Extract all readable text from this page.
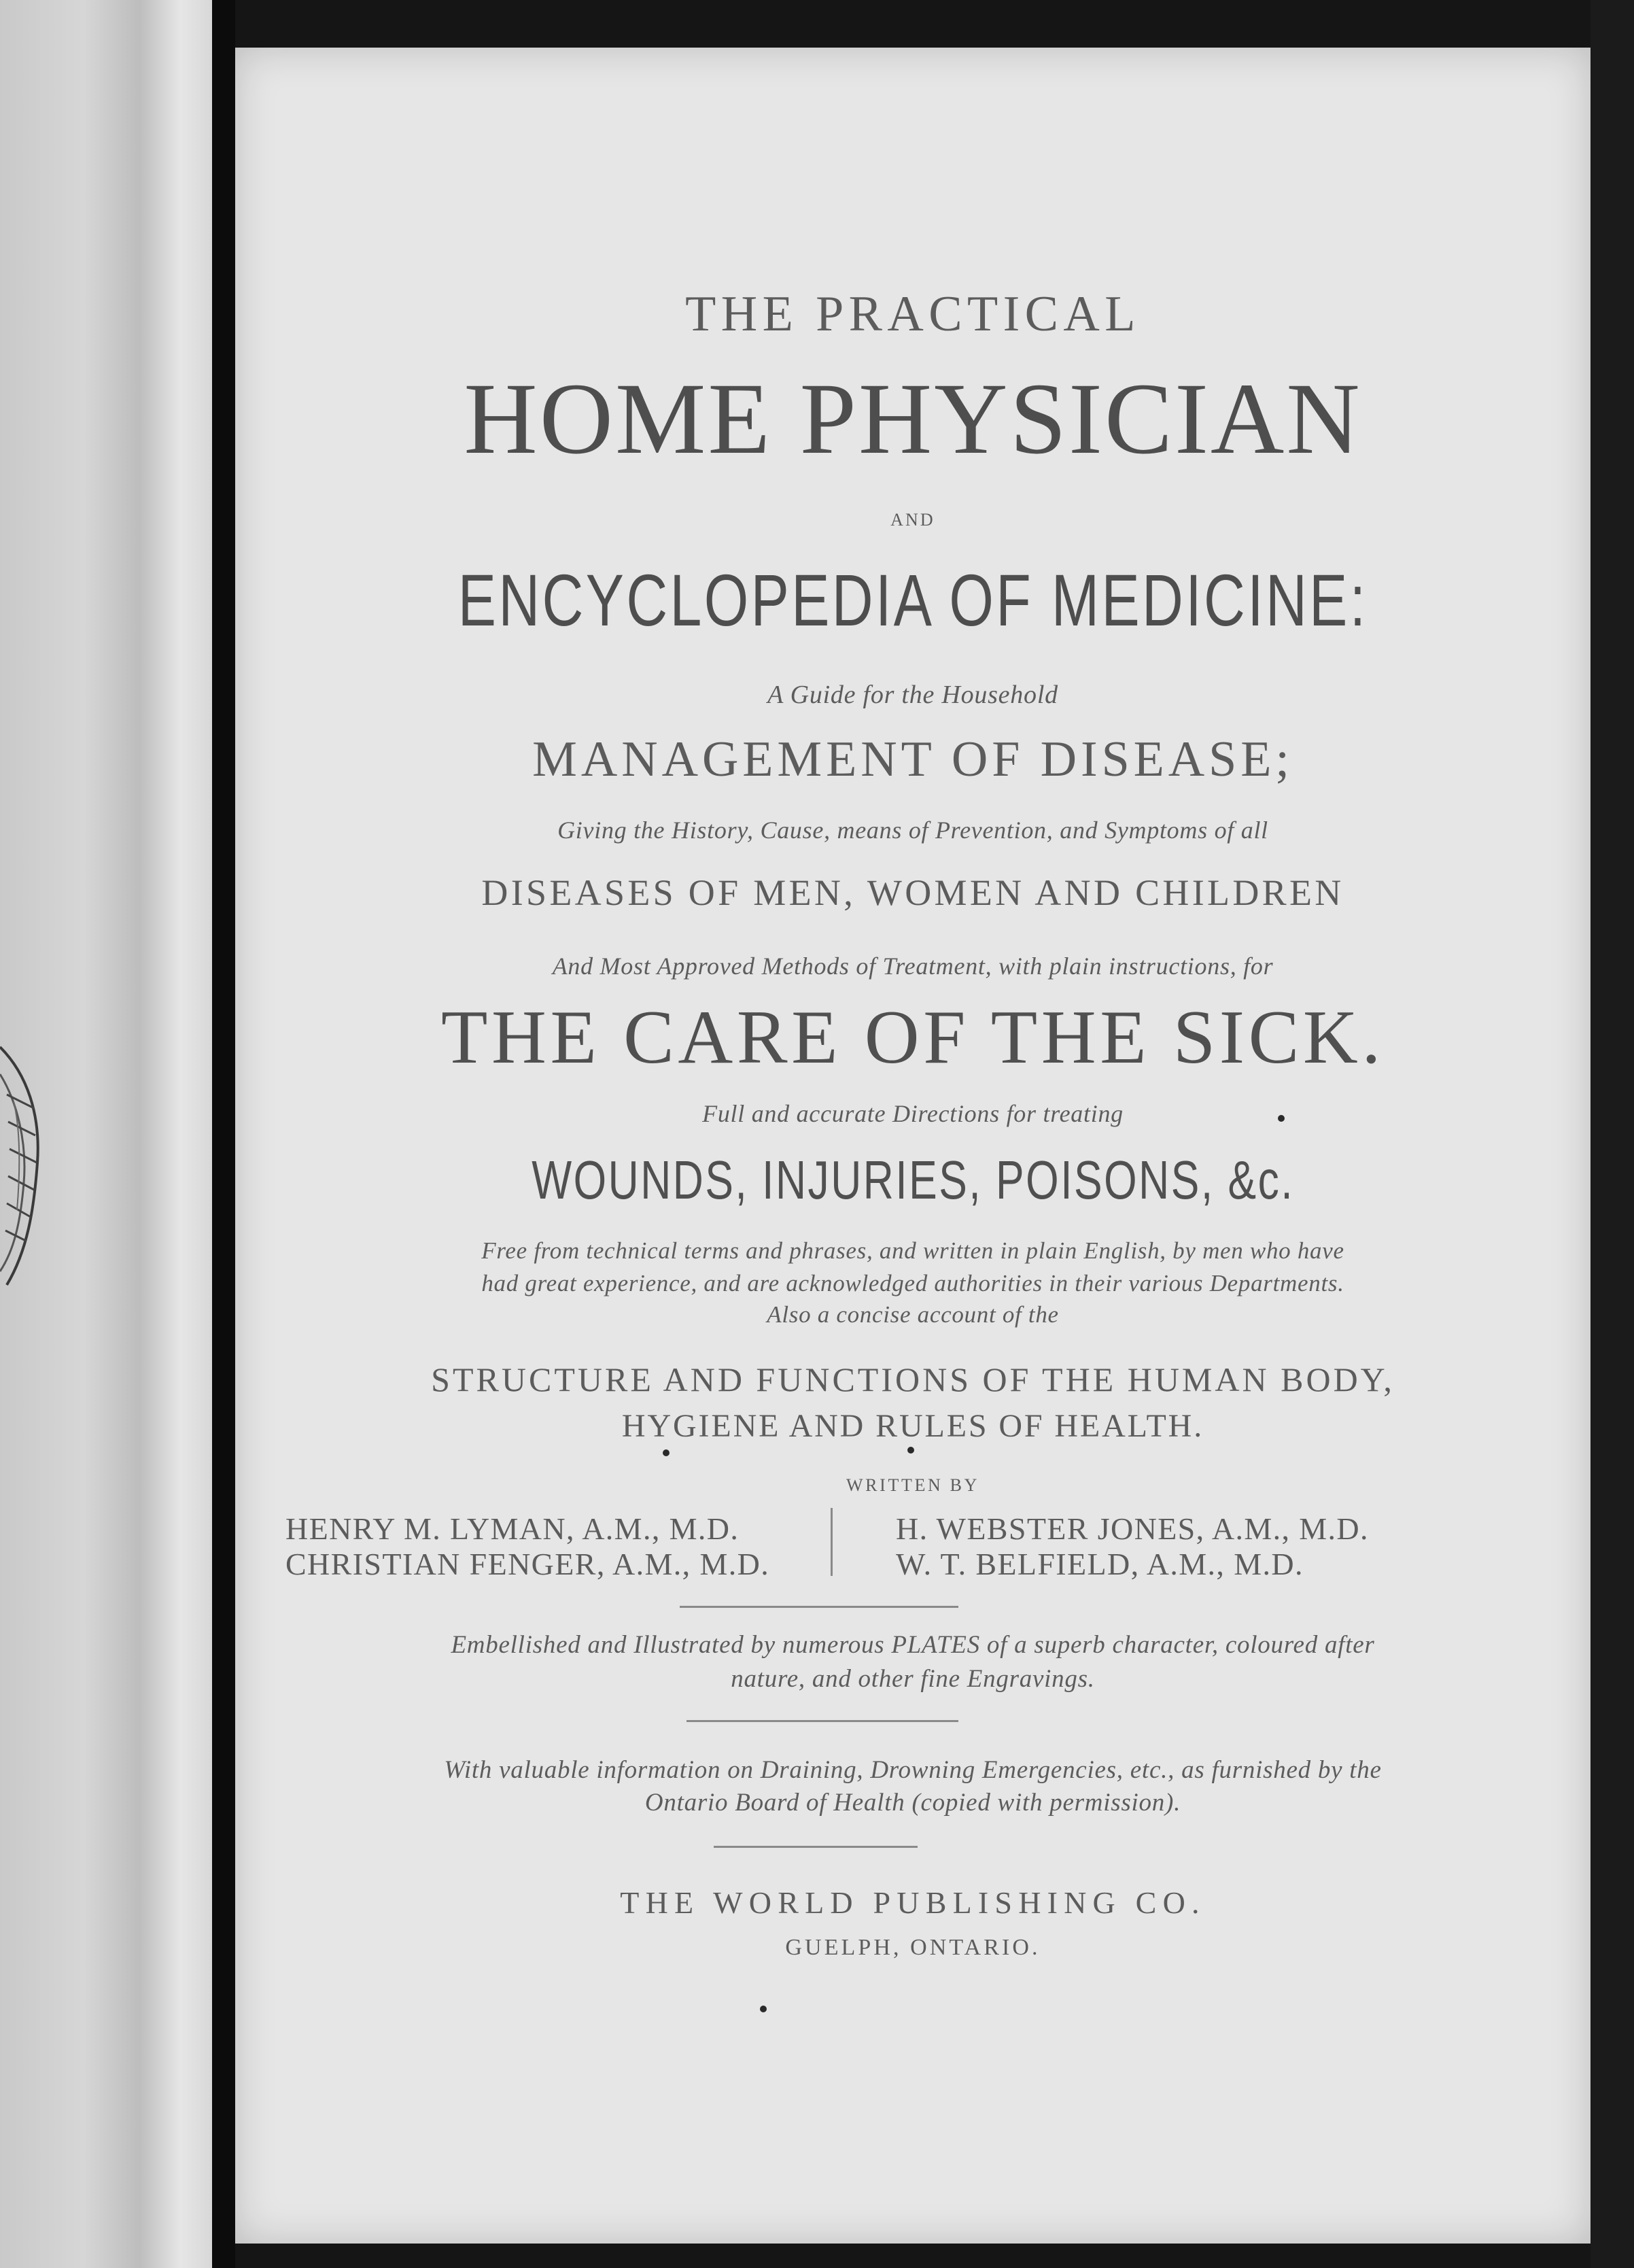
THE PRACTICAL
HOME PHYSICIAN
AND
ENCYCLOPEDIA OF MEDICINE:
A Guide for the Household
MANAGEMENT OF DISEASE;
Giving the History, Cause, means of Prevention, and Symptoms of all
DISEASES OF MEN, WOMEN AND CHILDREN
And Most Approved Methods of Treatment, with plain instructions, for
THE CARE OF THE SICK.
Full and accurate Directions for treating
WOUNDS, INJURIES, POISONS, &c.
Free from technical terms and phrases, and written in plain English, by men who have
had great experience, and are acknowledged authorities in their various Departments.
Also a concise account of the
STRUCTURE AND FUNCTIONS OF THE HUMAN BODY,
HYGIENE AND RULES OF HEALTH.
WRITTEN BY
HENRY M. LYMAN, A.M., M.D.
CHRISTIAN FENGER, A.M., M.D.
H. WEBSTER JONES, A.M., M.D.
W. T. BELFIELD, A.M., M.D.
Embellished and Illustrated by numerous PLATES of a superb character, coloured after
nature, and other fine Engravings.
With valuable information on Draining, Drowning Emergencies, etc., as furnished by the
Ontario Board of Health (copied with permission).
THE WORLD PUBLISHING CO.
GUELPH, ONTARIO.
